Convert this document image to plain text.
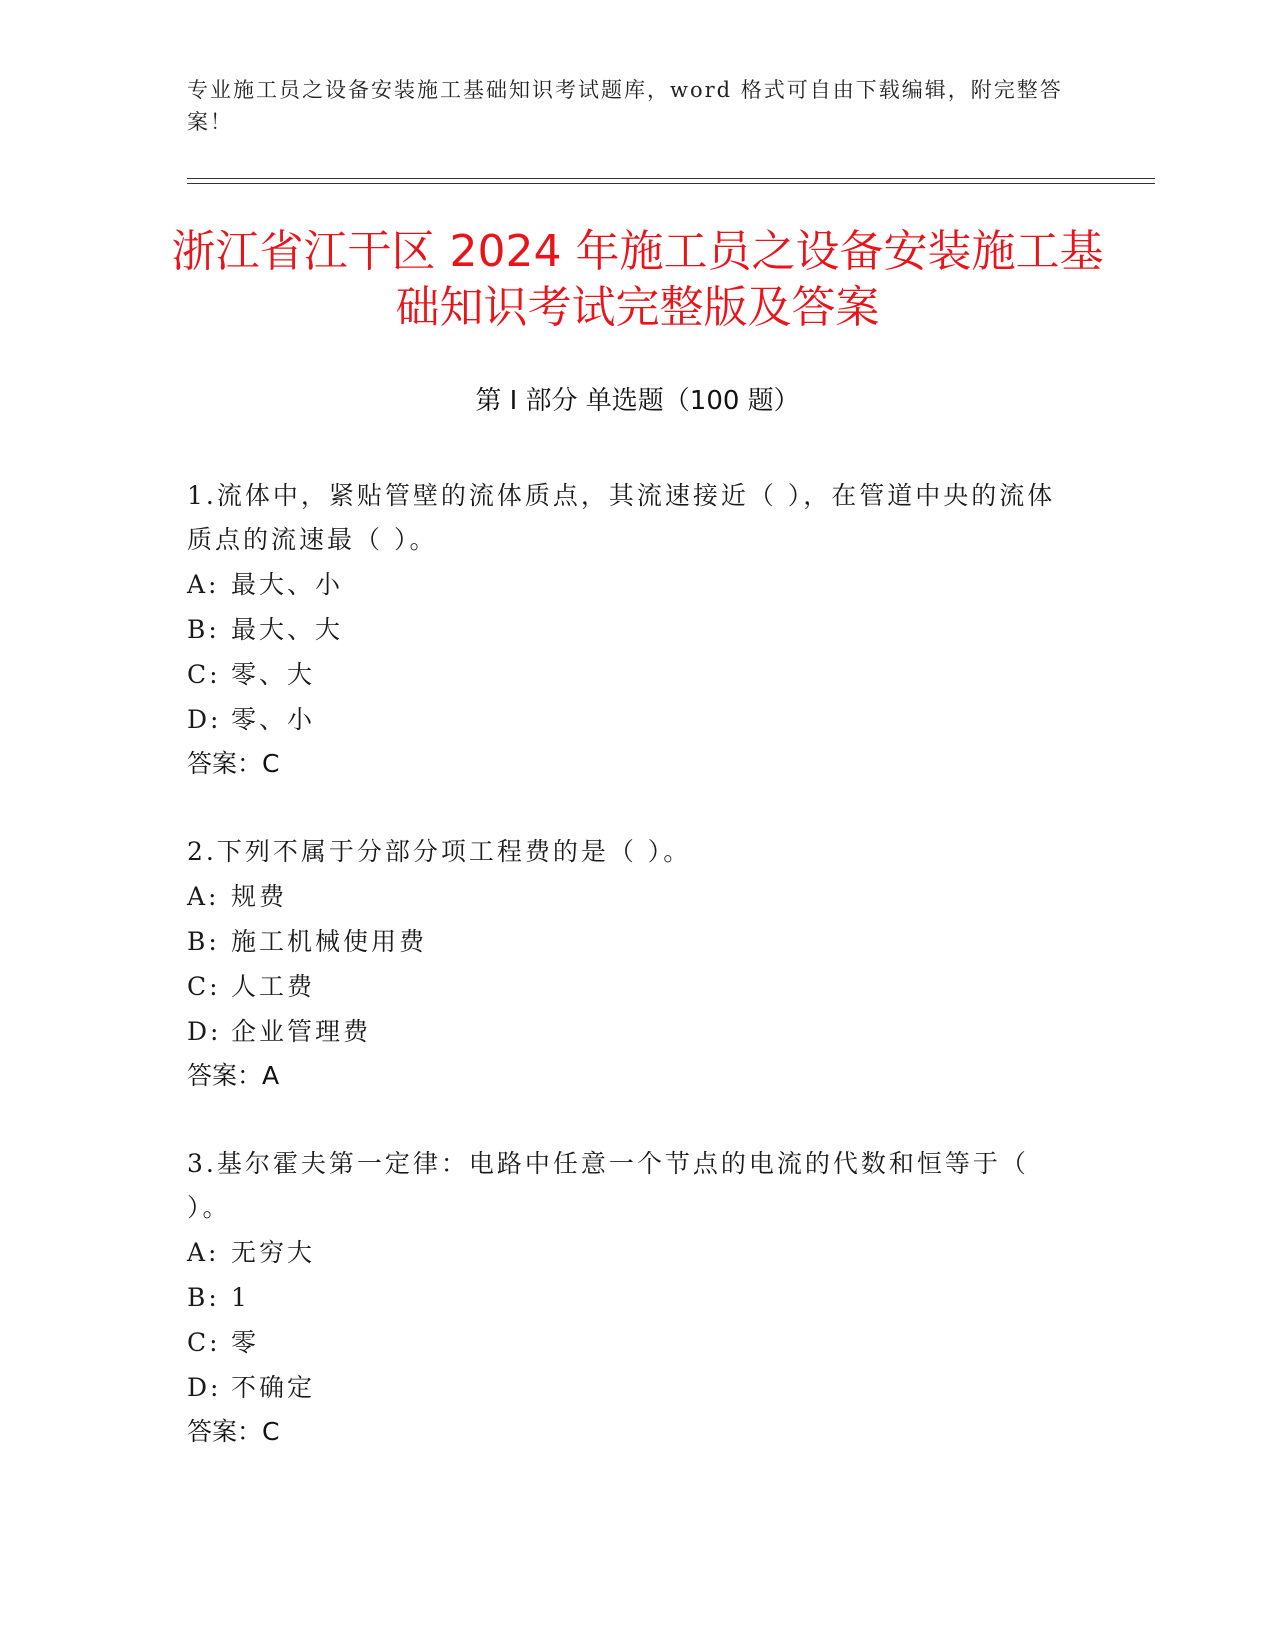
专业施工员之设备安装施工基础知识考试题库，word 格式可自由下载编辑，附完整答案！
浙江省江干区 2024 年施工员之设备安装施工基础知识考试完整版及答案
第 I 部分 单选题（100 题）

1.流体中，紧贴管壁的流体质点，其流速接近（ ），在管道中央的流体质点的流速最（ ）。

A: 最大、小

B: 最大、大

C: 零、大

D: 零、小

答案：C

2.下列不属于分部分项工程费的是（ ）。

A: 规费

B: 施工机械使用费

C: 人工费

D: 企业管理费

答案：A

3.基尔霍夫第一定律：电路中任意一个节点的电流的代数和恒等于（ ）。

A: 无穷大

B: 1

C: 零

D: 不确定

答案：C
